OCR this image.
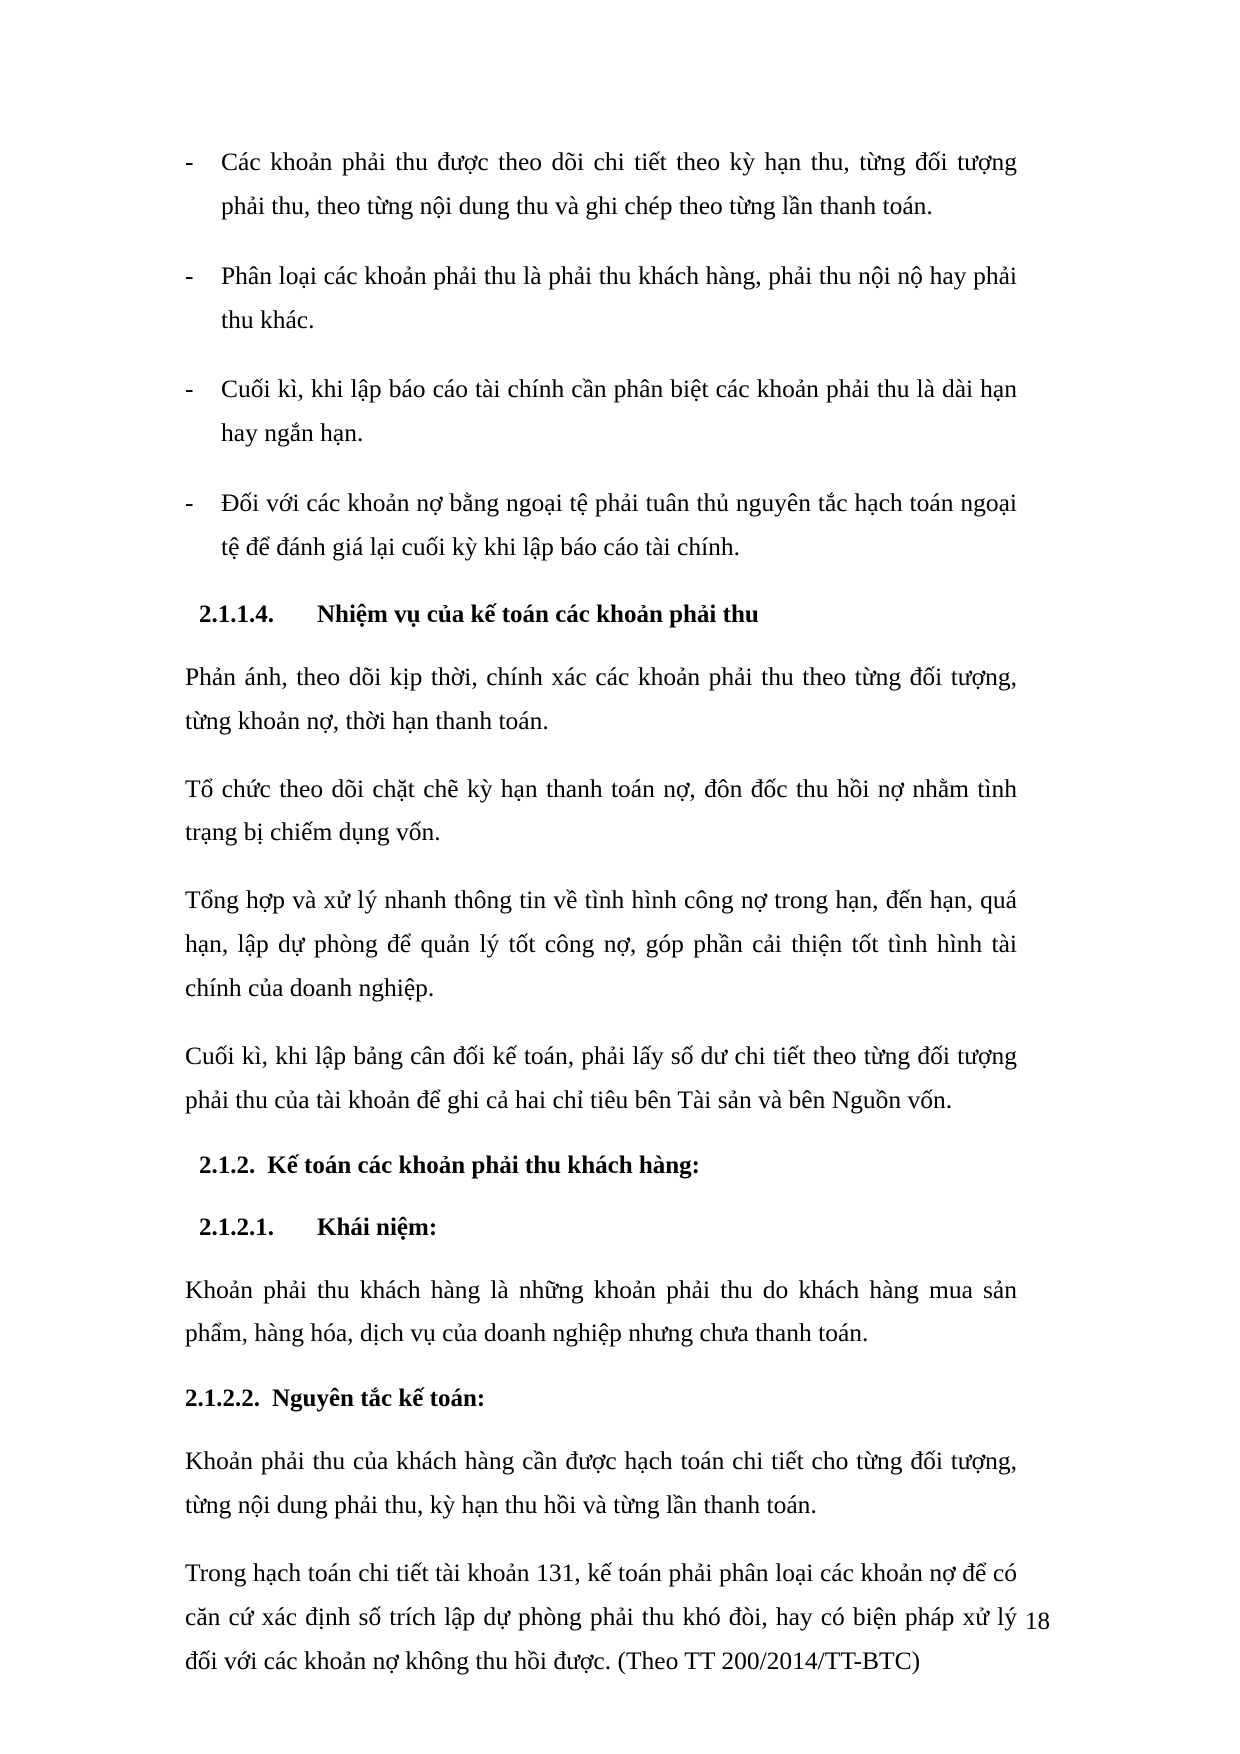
- Các khoản phải thu được theo dõi chi tiết theo kỳ hạn thu, từng đối tượng phải thu, theo từng nội dung thu và ghi chép theo từng lần thanh toán.
- Phân loại các khoản phải thu là phải thu khách hàng, phải thu nội nộ hay phải thu khác.
- Cuối kì, khi lập báo cáo tài chính cần phân biệt các khoản phải thu là dài hạn hay ngắn hạn.
- Đối với các khoản nợ bằng ngoại tệ phải tuân thủ nguyên tắc hạch toán ngoại tệ để đánh giá lại cuối kỳ khi lập báo cáo tài chính.
2.1.1.4.	Nhiệm vụ của kế toán các khoản phải thu

Phản ánh, theo dõi kịp thời, chính xác các khoản phải thu theo từng đối tượng, từng khoản nợ, thời hạn thanh toán.

Tổ chức theo dõi chặt chẽ kỳ hạn thanh toán nợ, đôn đốc thu hồi nợ nhằm tình trạng bị chiếm dụng vốn.

Tổng hợp và xử lý nhanh thông tin về tình hình công nợ trong hạn, đến hạn, quá hạn, lập dự phòng để quản lý tốt công nợ, góp phần cải thiện tốt tình hình tài chính của doanh nghiệp.

Cuối kì, khi lập bảng cân đối kế toán, phải lấy số dư chi tiết theo từng đối tượng phải thu của tài khoản để ghi cả hai chỉ tiêu bên Tài sản và bên Nguồn vốn.

2.1.2. Kế toán các khoản phải thu khách hàng:
2.1.2.1.	Khái niệm:

Khoản phải thu khách hàng là những khoản phải thu do khách hàng mua sản phẩm, hàng hóa, dịch vụ của doanh nghiệp nhưng chưa thanh toán.

2.1.2.2. Nguyên tắc kế toán:

Khoản phải thu của khách hàng cần được hạch toán chi tiết cho từng đối tượng, từng nội dung phải thu, kỳ hạn thu hồi và từng lần thanh toán.

Trong hạch toán chi tiết tài khoản 131, kế toán phải phân loại các khoản nợ để có căn cứ xác định số trích lập dự phòng phải thu khó đòi, hay có biện pháp xử lý đối với các khoản nợ không thu hồi được. (Theo TT 200/2014/TT-BTC)

18
